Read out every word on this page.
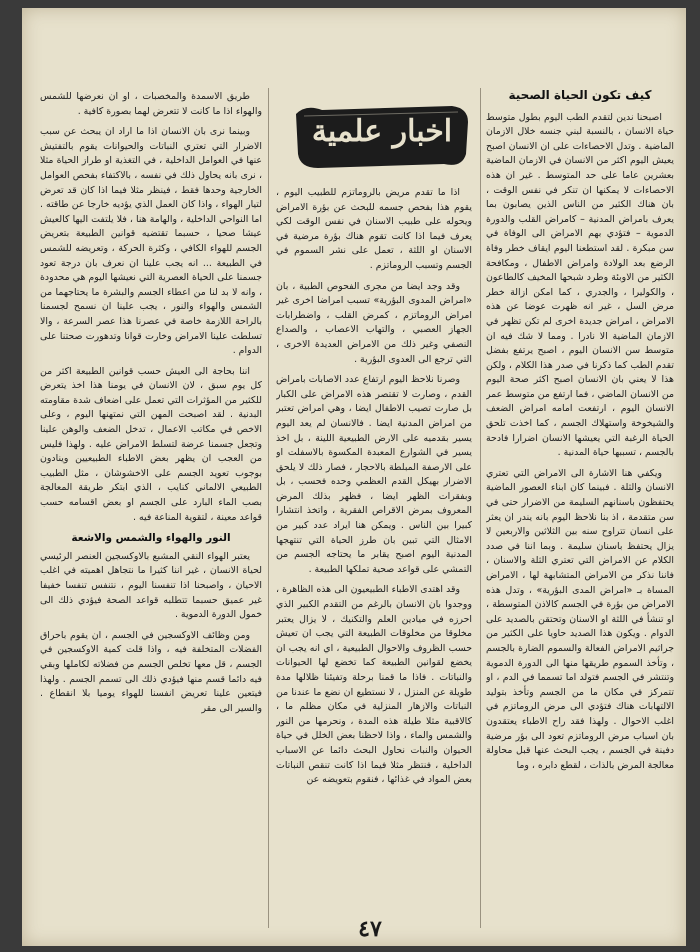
اخبار علمية
كيف تكون الحياة الصحية

اصبحنا ندين لتقدم الطب اليوم بطول متوسط حياة الانسان ، بالنسبة لبني جنسه خلال الازمان الماضية . وتدل الاحصاءات على ان الانسان اصبح يعيش اليوم اكثر من الانسان في الازمان الماضية بعشرين عاما على حد المتوسط . غير ان هذه الاحصاءات لا يمكنها ان تنكر في نفس الوقت ، بان هناك الكثير من الناس الذين يصابون بما يعرف بامراض المدنية – كامراض القلب والدورة الدموية – فتؤدي بهم الامراض الى الوفاة في سن مبكرة . لقد استطعنا اليوم ايقاف خطر وفاة الرضع بعد الولادة وامراض الاطفال ، ومكافحة الكثير من الاوبئة وطرد شبحها المخيف كالطاعون ، والكوليرا ، والجدري ، كما امكن ازالة خطر مرض السل ، غير انه ظهرت عوضا عن هذه الامراض ، امراض جديدة اخرى لم تكن تظهر في الازمان الماضية الا نادرا . ومما لا شك فيه ان متوسط سن الانسان اليوم ، اصبح يرتفع بفضل تقدم الطب كما ذكرنا في صدر هذا الكلام ، ولكن هذا لا يعني بان الانسان اصبح اكثر صحة اليوم من الانسان الماضي ، فما ارتفع من متوسط عمر الانسان اليوم ، ارتفعت امامه امراض الضعف والشيخوخة واستهلاك الجسم ، كما اخذت تلحق الحياة الرغبة التي يعيشها الانسان اضرارا فادحة بالجسم ، تسببها حياة المدنية .

ويكفي هنا الاشارة الى الامراض التي تعتري الانسان والثلة . فبينما كان ابناء العصور الماضية يحتفظون باسنانهم السليمة من الاضرار حتى في سن متقدمة ، اذ بنا نلاحظ اليوم بانه يندر ان يعثر على انسان تتراوح سنه بين الثلاثين والاربعين لا يزال يحتفظ باسنان سليمة . وبما اننا في صدد الكلام عن الامراض التي تعتري الثلة والاسنان ، فاننا نذكر من الامراض المتشابهة لها ، الامراض المساة بـ «امراض المدى البؤرية» ، وتدل هذه الامراض من بؤرة في الجسم كالاذن المتوسطة ، او تنشأ في اللثة او الاسنان وتحتقن بالصديد على الدوام . ويكون هذا الصديد حاويا على الكثير من جراثيم الامراض الفعالة والسموم الضارة بالجسم ، وتأخذ السموم طريقها منها الى الدورة الدموية وتنتشر في الجسم فتولد اما تسمما في الدم ، او تتمركز في مكان ما من الجسم وتأخذ بتوليد الالتهابات هناك فتؤدي الى مرض الروماتزم في اغلب الاحوال . ولهذا فقد راح الاطباء يعتقدون بان اسباب مرض الروماتزم تعود الى بؤر مرضية دفينة في الجسم ، يجب البحث عنها قبل محاولة معالجة المرض بالذات ، لقطع دابره ، وما

اذا ما تقدم مريض بالروماتزم للطبيب اليوم ، يقوم هذا بفحص جسمه للبحث عن بؤرة الامراض ويحوله على طبيب الاسنان في نفس الوقت لكي يعرف فيما اذا كانت تقوم هناك بؤرة مرضية في الاسنان او اللثة ، تعمل على نشر السموم في الجسم وتسبب الروماتزم .

وقد وجد ايضا من مجرى الفحوص الطبية ، بان «امراض المدوى البؤرية» تسبب امراضا اخرى غير امراض الروماتزم ، كمرض القلب ، واضطرابات الجهاز العصبي ، والتهاب الاعصاب ، والصداع النصفي وغير ذلك من الامراض العديدة الاخرى ، التي ترجع الى العدوى البؤرية .

وصرنا نلاحظ اليوم ارتفاع عدد الاصابات بامراض القدم ، وصارت لا تقتصر هذه الامراض على الكبار بل صارت تصيب الاطفال ايضا ، وهي امراض تعتبر من امراض المدنية ايضا . فالانسان لم يعد اليوم يسير بقدميه على الارض الطبيعية اللينة ، بل اخذ يسير في الشوارع المعبدة المكسوة بالاسفلت او على الارصفة المبلطة بالاحجار ، فصار ذلك لا يلحق الاضرار بهيكل القدم العظمي وحده فحسب ، بل وبفقرات الظهر ايضا ، فظهر بذلك المرض المعروف بمرض الاقراص الفقرية ، واتخذ انتشارا كبيرا بين الناس . ويمكن هنا ايراد عدد كبير من الامثال التي تبين بان طرز الحياة التي تنتهجها المدنية اليوم اصبح يقابر ما يحتاجه الجسم من التمشي على قواعد صحية تملكها الطبيعة .

وقد اهتدى الاطباء الطبيعيون الى هذه الظاهرة ، ووجدوا بان الانسان بالرغم من التقدم الكبير الذي احرزه في ميادين العلم والتكنيك ، لا يزال يعتبر مخلوقا من مخلوقات الطبيعة التي يجب ان تعيش حسب الظروف والاحوال الطبيعية ، اي انه يجب ان يخضع لقوانين الطبيعة كما تخضع لها الحيوانات والنباتات . فاذا ما قمنا برحلة وتفيئنا ظلالها مدة طويلة عن المنزل ، لا نستطيع ان نضع ما عندنا من النباتات والازهار المنزلية في مكان مظلم ما ، كالاقبية مثلا طيلة هذه المدة ، ونحرمها من النور والشمس والماء ، واذا لاحظنا بعض الخلل في حياة الحيوان والنبات نحاول البحث دائما عن الاسباب الداخلية ، فنتظر مثلا فيما اذا كانت تنقص النباتات بعض المواد في غذائها ، فنقوم بتعويضه عن

طريق الاسمدة والمخصبات ، او ان نعرضها للشمس والهواء اذا ما كانت لا تتعرض لهما بصورة كافية .

وبينما نرى بان الانسان اذا ما اراد ان يبحث عن سبب الاضرار التي تعتري النباتات والحيوانات يقوم بالتفتيش عنها في العوامل الداخلية ، في التغذية او طراز الحياة مثلا ، نرى بانه يحاول ذلك في نفسه ، بالاكتفاء بفحص العوامل الخارجية وحدها فقط ، فينظر مثلا فيما اذا كان قد تعرض لتيار الهواء ، واذا كان العمل الذي يؤديه خارجا عن طاقته . اما النواحي الداخلية ، والهامة هنا ، فلا يلتفت اليها كالعيش عيشا صحيا ، حسبما تقتضيه قوانين الطبيعة بتعريض الجسم للهواء الكافي ، وكثرة الحركة ، وتعريضه للشمس في الطبيعة ... انه يجب علينا ان نعرف بان درجة تعود جسمنا على الحياة العصرية التي نعيشها اليوم هي محدودة ، وانه لا بد لنا من اعطاء الجسم والبشرة ما يحتاجهما من الشمس والهواء والنور ، يجب علينا ان نسمح لجسمنا بالراحة اللازمة خاصة في عصرنا هذا عصر السرعة ، والا تسلطت علينا الامراض وخارت قوانا وتدهورت صحتنا على الدوام .

اننا بحاجة الى العيش حسب قوانين الطبيعة اكثر من كل يوم سبق ، لان الانسان في يومنا هذا اخذ يتعرض للكثير من المؤثرات التي تعمل على اضعاف شدة مقاومته البدنية . لقد اصبحت المهن التي نمتهنها اليوم ، وعلى الاخص في مكاتب الاعمال ، تدخل الضعف والوهن علينا وتجعل جسمنا عرضة لتسلط الامراض عليه . ولهذا فليس من العجب ان يظهر بعض الاطباء الطبيعيين وينادون بوجوب تعويد الجسم على الاخشوشان ، مثل الطبيب الطبيعي الالماني كنايب ، الذي ابتكر طريقة المعالجة بصب الماء البارد على الجسم او بعض اقسامه حسب قواعد معينة ، لتقوية المناعة فيه .

النور والهواء والشمس والاشعة

يعتبر الهواء النقي المشبع بالاوكسجين العنصر الرئيسي لحياة الانسان ، غير اننا كثيرا ما نتجاهل اهميته في اغلب الاحيان ، واصبحنا اذا تنفسنا اليوم ، نتنفس تنفسا خفيفا غير عميق حسبما تتطلبه قواعد الصحة فيؤدي ذلك الى خمول الدورة الدموية .

ومن وظائف الاوكسجين في الجسم ، ان يقوم باحراق الفضلات المتخلفة فيه ، واذا قلت كمية الاوكسجين في الجسم ، قل معها تخلص الجسم من فضلاته لكاملها وبقي فيه دائما قسم منها فيؤدي ذلك الى تسمم الجسم . ولهذا فيتعين علينا تعريض انفسنا للهواء يوميا بلا انقطاع . والسير الى مقر

٤٧
